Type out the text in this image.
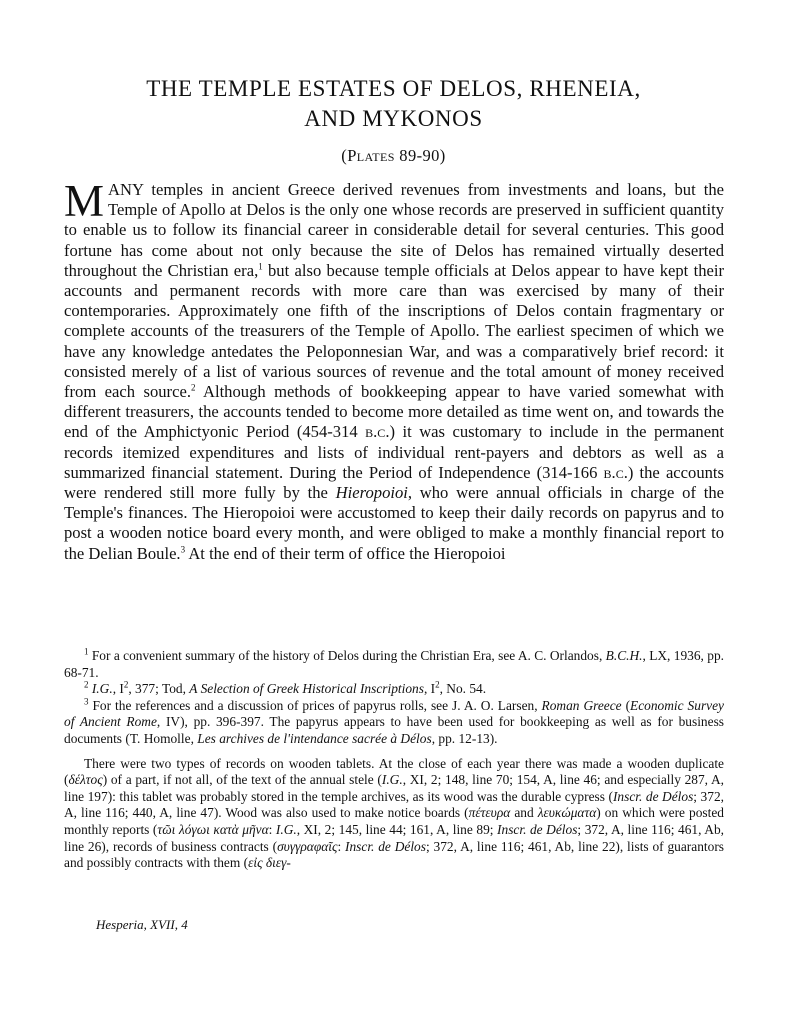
THE TEMPLE ESTATES OF DELOS, RHENEIA,
AND MYKONOS
(Plates 89-90)

MANY temples in ancient Greece derived revenues from investments and loans, but the Temple of Apollo at Delos is the only one whose records are preserved in sufficient quantity to enable us to follow its financial career in considerable detail for several centuries. This good fortune has come about not only because the site of Delos has remained virtually deserted throughout the Christian era,$^1$ but also because temple officials at Delos appear to have kept their accounts and permanent records with more care than was exercised by many of their contemporaries. Approximately one fifth of the inscriptions of Delos contain fragmentary or complete accounts of the treasurers of the Temple of Apollo. The earliest specimen of which we have any knowledge antedates the Peloponnesian War, and was a comparatively brief record: it consisted merely of a list of various sources of revenue and the total amount of money received from each source.$^2$ Although methods of bookkeeping appear to have varied somewhat with different treasurers, the accounts tended to become more detailed as time went on, and towards the end of the Amphictyonic Period (454-314 b.c.) it was customary to include in the permanent records itemized expenditures and lists of individual rent-payers and debtors as well as a summarized financial statement. During the Period of Independence (314-166 b.c.) the accounts were rendered still more fully by the Hieropoioi, who were annual officials in charge of the Temple's finances. The Hieropoioi were accustomed to keep their daily records on papyrus and to post a wooden notice board every month, and were obliged to make a monthly financial report to the Delian Boule.$^3$ At the end of their term of office the Hieropoioi

$^1$ For a convenient summary of the history of Delos during the Christian Era, see A. C. Orlandos, B.C.H., LX, 1936, pp. 68-71.

$^2$ I.G., $I^2$, 377; Tod, A Selection of Greek Historical Inscriptions, $I^2$, No. 54.

$^3$ For the references and a discussion of prices of papyrus rolls, see J. A. O. Larsen, Roman Greece (Economic Survey of Ancient Rome, IV), pp. 396-397. The papyrus appears to have been used for bookkeeping as well as for business documents (T. Homolle, Les archives de l'intendance sacrée à Délos, pp. 12-13).

There were two types of records on wooden tablets. At the close of each year there was made a wooden duplicate (δέλτος) of a part, if not all, of the text of the annual stele (I.G., XI, 2; 148, line 70; 154, A, line 46; and especially 287, A, line 197): this tablet was probably stored in the temple archives, as its wood was the durable cypress (Inscr. de Délos; 372, A, line 116; 440, A, line 47). Wood was also used to make notice boards (πέτευρα and λευκώματα) on which were posted monthly reports (τῶι λόγωι κατὰ μῆνα: I.G., XI, 2; 145, line 44; 161, A, line 89; Inscr. de Délos; 372, A, line 116; 461, Ab, line 26), records of business contracts (συγγραφαῖς: Inscr. de Délos; 372, A, line 116; 461, Ab, line 22), lists of guarantors and possibly contracts with them (εἰς διεγ-

Hesperia, XVII, 4
